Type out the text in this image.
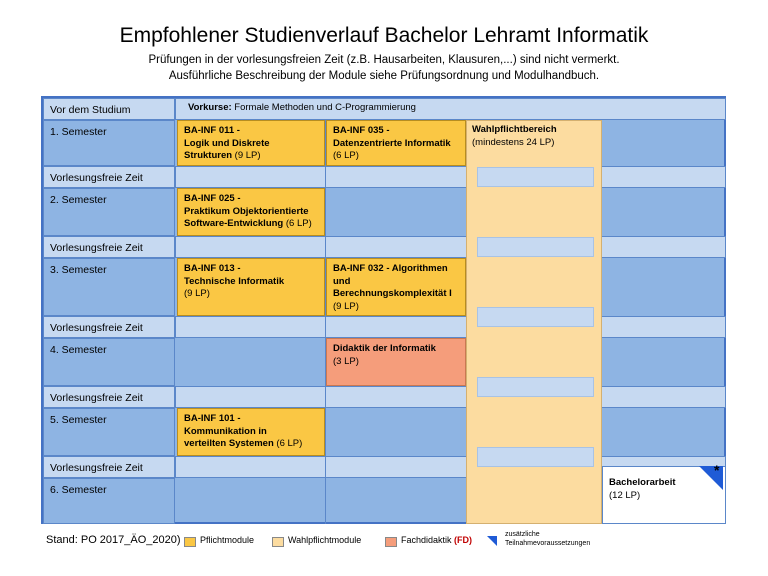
Empfohlener Studienverlauf Bachelor Lehramt Informatik
Prüfungen in der vorlesungsfreien Zeit (z.B. Hausarbeiten, Klausuren,...) sind nicht vermerkt.
Ausführliche Beschreibung der Module siehe Prüfungsordnung und Modulhandbuch.
Wahlpflichtbereich
(mindestens 24 LP)
Vor dem Studium
1. Semester
Vorlesungsfreie Zeit
2. Semester
Vorlesungsfreie Zeit
3. Semester
Vorlesungsfreie Zeit
4. Semester
Vorlesungsfreie Zeit
5. Semester
Vorlesungsfreie Zeit
6. Semester
Vorkurse: Formale Methoden und C-Programmierung
BA-INF 011 -
Logik und Diskrete
Strukturen (9 LP)
BA-INF 035 -
Datenzentrierte Informatik
(6 LP)
BA-INF 025 -
Praktikum Objektorientierte
Software-Entwicklung (6 LP)
BA-INF 013 -
Technische Informatik
(9 LP)
BA-INF 032 - Algorithmen
und
Berechnungskomplexität I
(9 LP)
Didaktik der Informatik
(3 LP)
BA-INF 101 -
Kommunikation in
verteilten Systemen (6 LP)
Bachelorarbeit
(12 LP)
*
Stand: PO 2017_ÄO_2020) Pflichtmodule	Wahlpflichtmodule	Fachdidaktik (FD)
zusätzliche
Teilnahmevoraussetzungen
